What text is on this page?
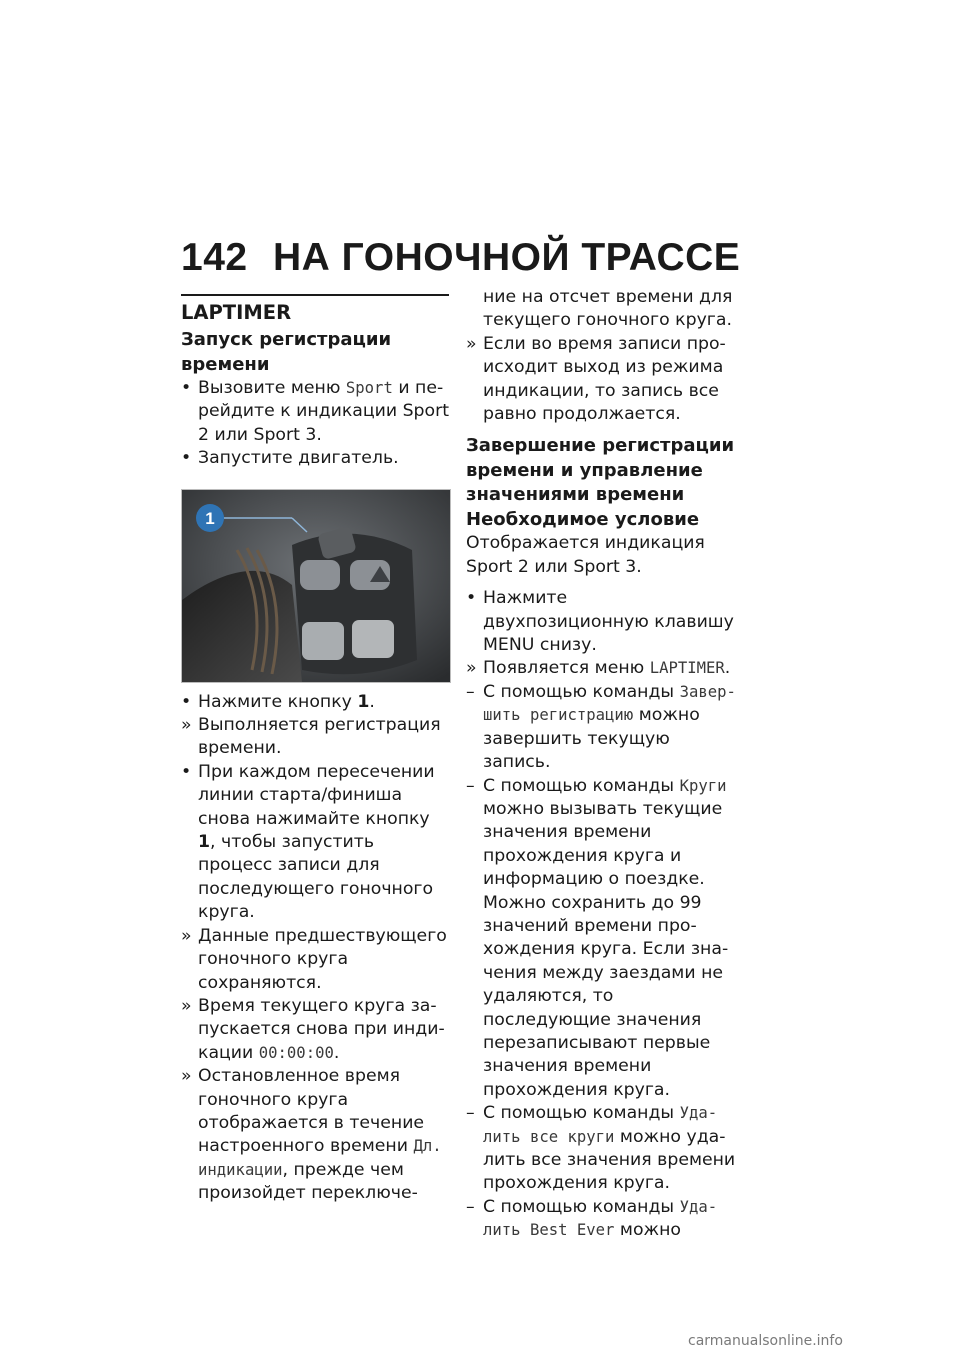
142 НА ГОНОЧНОЙ ТРАССЕ
LAPTIMER
Запуск регистрации времени

• Вызовите меню Sport и перейдите к индикации Sport 2 или Sport 3.

• Запустите двигатель.

1

• Нажмите кнопку 1.

» Выполняется регистрация времени.

• При каждом пересечении линии старта/финиша снова нажимайте кнопку 1, чтобы запустить процесс записи для последующего гоночного круга.

» Данные предшествующего гоночного круга сохраняются.

» Время текущего круга запускается снова при индикации 00:00:00.

» Остановленное время гоночного круга отображается в течение настроенного времени Дл. индикации, прежде чем произойдет переключе-

ние на отсчет времени для текущего гоночного круга.

» Если во время записи происходит выход из режима индикации, то запись все равно продолжается.

Завершение регистрации времени и управление значениями времени
Необходимое условие

Отображается индикация Sport 2 или Sport 3.

• Нажмите двухпозиционную клавишу MENU снизу.

» Появляется меню LAPTIMER.

– С помощью команды Завершить регистрацию можно завершить текущую запись.

– С помощью команды Круги можно вызывать текущие значения времени прохождения круга и информацию о поездке. Можно сохранить до 99 значений времени прохождения круга. Если значения между заездами не удаляются, то последующие значения перезаписывают первые значения времени прохождения круга.

– С помощью команды Удалить все круги можно удалить все значения времени прохождения круга.

– С помощью команды Удалить Best Ever можно

carmanualsonline.info
